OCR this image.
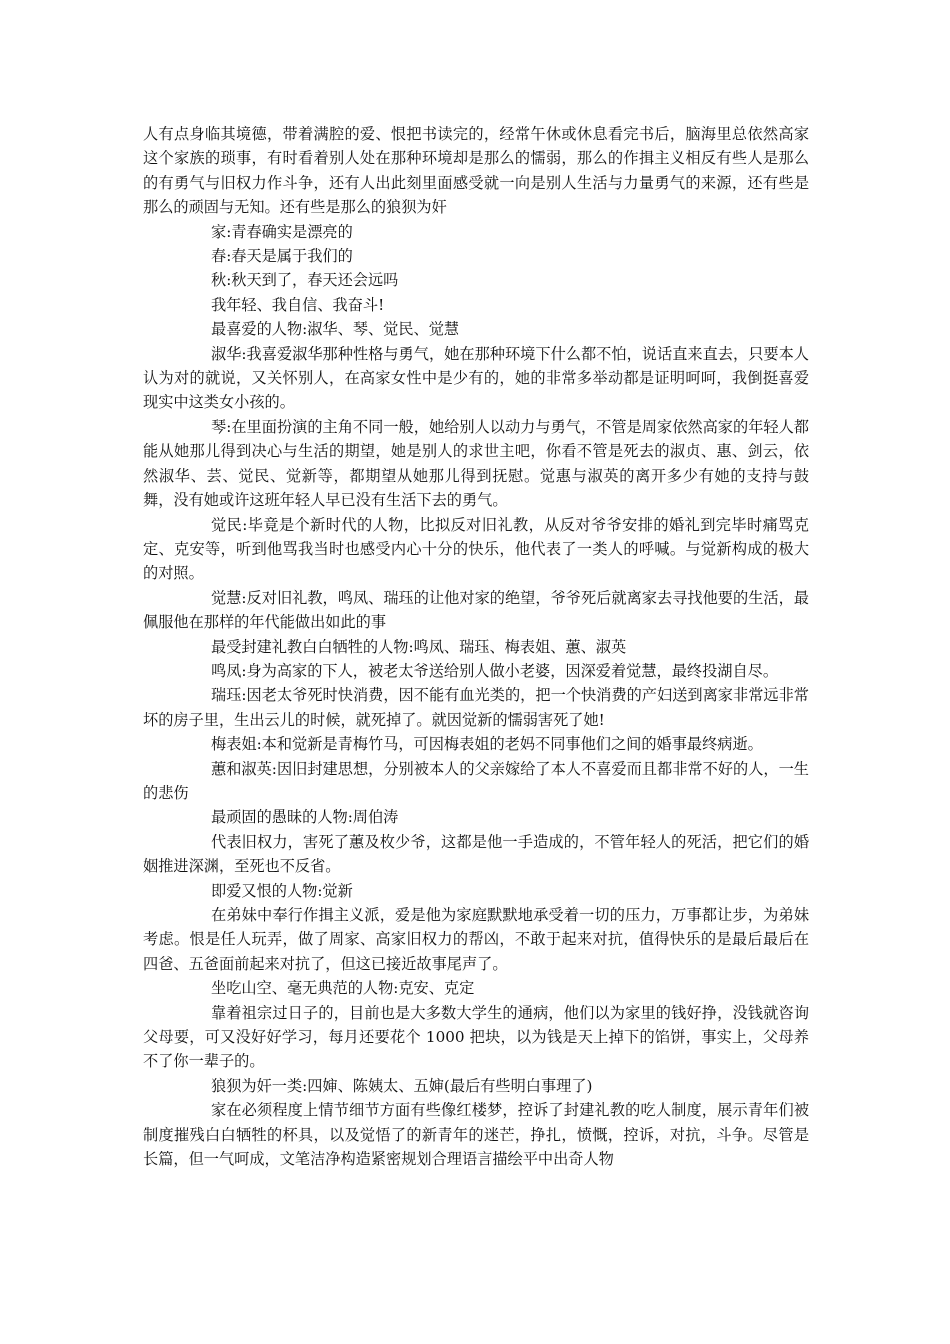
人有点身临其境德，带着满腔的爱、恨把书读完的，经常午休或休息看完书后，脑海里总依然高家这个家族的琐事，有时看着别人处在那种环境却是那么的懦弱，那么的作揖主义相反有些人是那么的有勇气与旧权力作斗争，还有人出此刻里面感受就一向是别人生活与力量勇气的来源，还有些是那么的顽固与无知。还有些是那么的狼狈为奸

家:青春确实是漂亮的

春:春天是属于我们的

秋:秋天到了，春天还会远吗

我年轻、我自信、我奋斗!

最喜爱的人物:淑华、琴、觉民、觉慧

淑华:我喜爱淑华那种性格与勇气，她在那种环境下什么都不怕，说话直来直去，只要本人认为对的就说，又关怀别人，在高家女性中是少有的，她的非常多举动都是证明呵呵，我倒挺喜爱现实中这类女小孩的。

琴:在里面扮演的主角不同一般，她给别人以动力与勇气，不管是周家依然高家的年轻人都能从她那儿得到决心与生活的期望，她是别人的求世主吧，你看不管是死去的淑贞、惠、剑云，依然淑华、芸、觉民、觉新等，都期望从她那儿得到抚慰。觉惠与淑英的离开多少有她的支持与鼓舞，没有她或许这班年轻人早已没有生活下去的勇气。

觉民:毕竟是个新时代的人物，比拟反对旧礼教，从反对爷爷安排的婚礼到完毕时痛骂克定、克安等，听到他骂我当时也感受内心十分的快乐，他代表了一类人的呼喊。与觉新构成的极大的对照。

觉慧:反对旧礼教，鸣凤、瑞珏的让他对家的绝望，爷爷死后就离家去寻找他要的生活，最佩服他在那样的年代能做出如此的事

最受封建礼教白白牺牲的人物:鸣凤、瑞珏、梅表姐、蕙、淑英

鸣凤:身为高家的下人，被老太爷送给别人做小老婆，因深爱着觉慧，最终投湖自尽。

瑞珏:因老太爷死时快消费，因不能有血光类的，把一个快消费的产妇送到离家非常远非常坏的房子里，生出云儿的时候，就死掉了。就因觉新的懦弱害死了她!

梅表姐:本和觉新是青梅竹马，可因梅表姐的老妈不同事他们之间的婚事最终病逝。

蕙和淑英:因旧封建思想，分别被本人的父亲嫁给了本人不喜爱而且都非常不好的人，一生的悲伤

最顽固的愚昧的人物:周伯涛

代表旧权力，害死了蕙及枚少爷，这都是他一手造成的，不管年轻人的死活，把它们的婚姻推进深渊，至死也不反省。

即爱又恨的人物:觉新

在弟妹中奉行作揖主义派，爱是他为家庭默默地承受着一切的压力，万事都让步，为弟妹考虑。恨是任人玩弄，做了周家、高家旧权力的帮凶，不敢于起来对抗，值得快乐的是最后最后在四爸、五爸面前起来对抗了，但这已接近故事尾声了。

坐吃山空、毫无典范的人物:克安、克定

靠着祖宗过日子的，目前也是大多数大学生的通病，他们以为家里的钱好挣，没钱就咨询父母要，可又没好好学习，每月还要花个 1000 把块，以为钱是天上掉下的馅饼，事实上，父母养不了你一辈子的。

狼狈为奸一类:四婶、陈姨太、五婶(最后有些明白事理了)

家在必须程度上情节细节方面有些像红楼梦，控诉了封建礼教的吃人制度，展示青年们被制度摧残白白牺牲的杯具，以及觉悟了的新青年的迷芒，挣扎，愤慨，控诉，对抗，斗争。尽管是长篇，但一气呵成，文笔洁净构造紧密规划合理语言描绘平中出奇人物
